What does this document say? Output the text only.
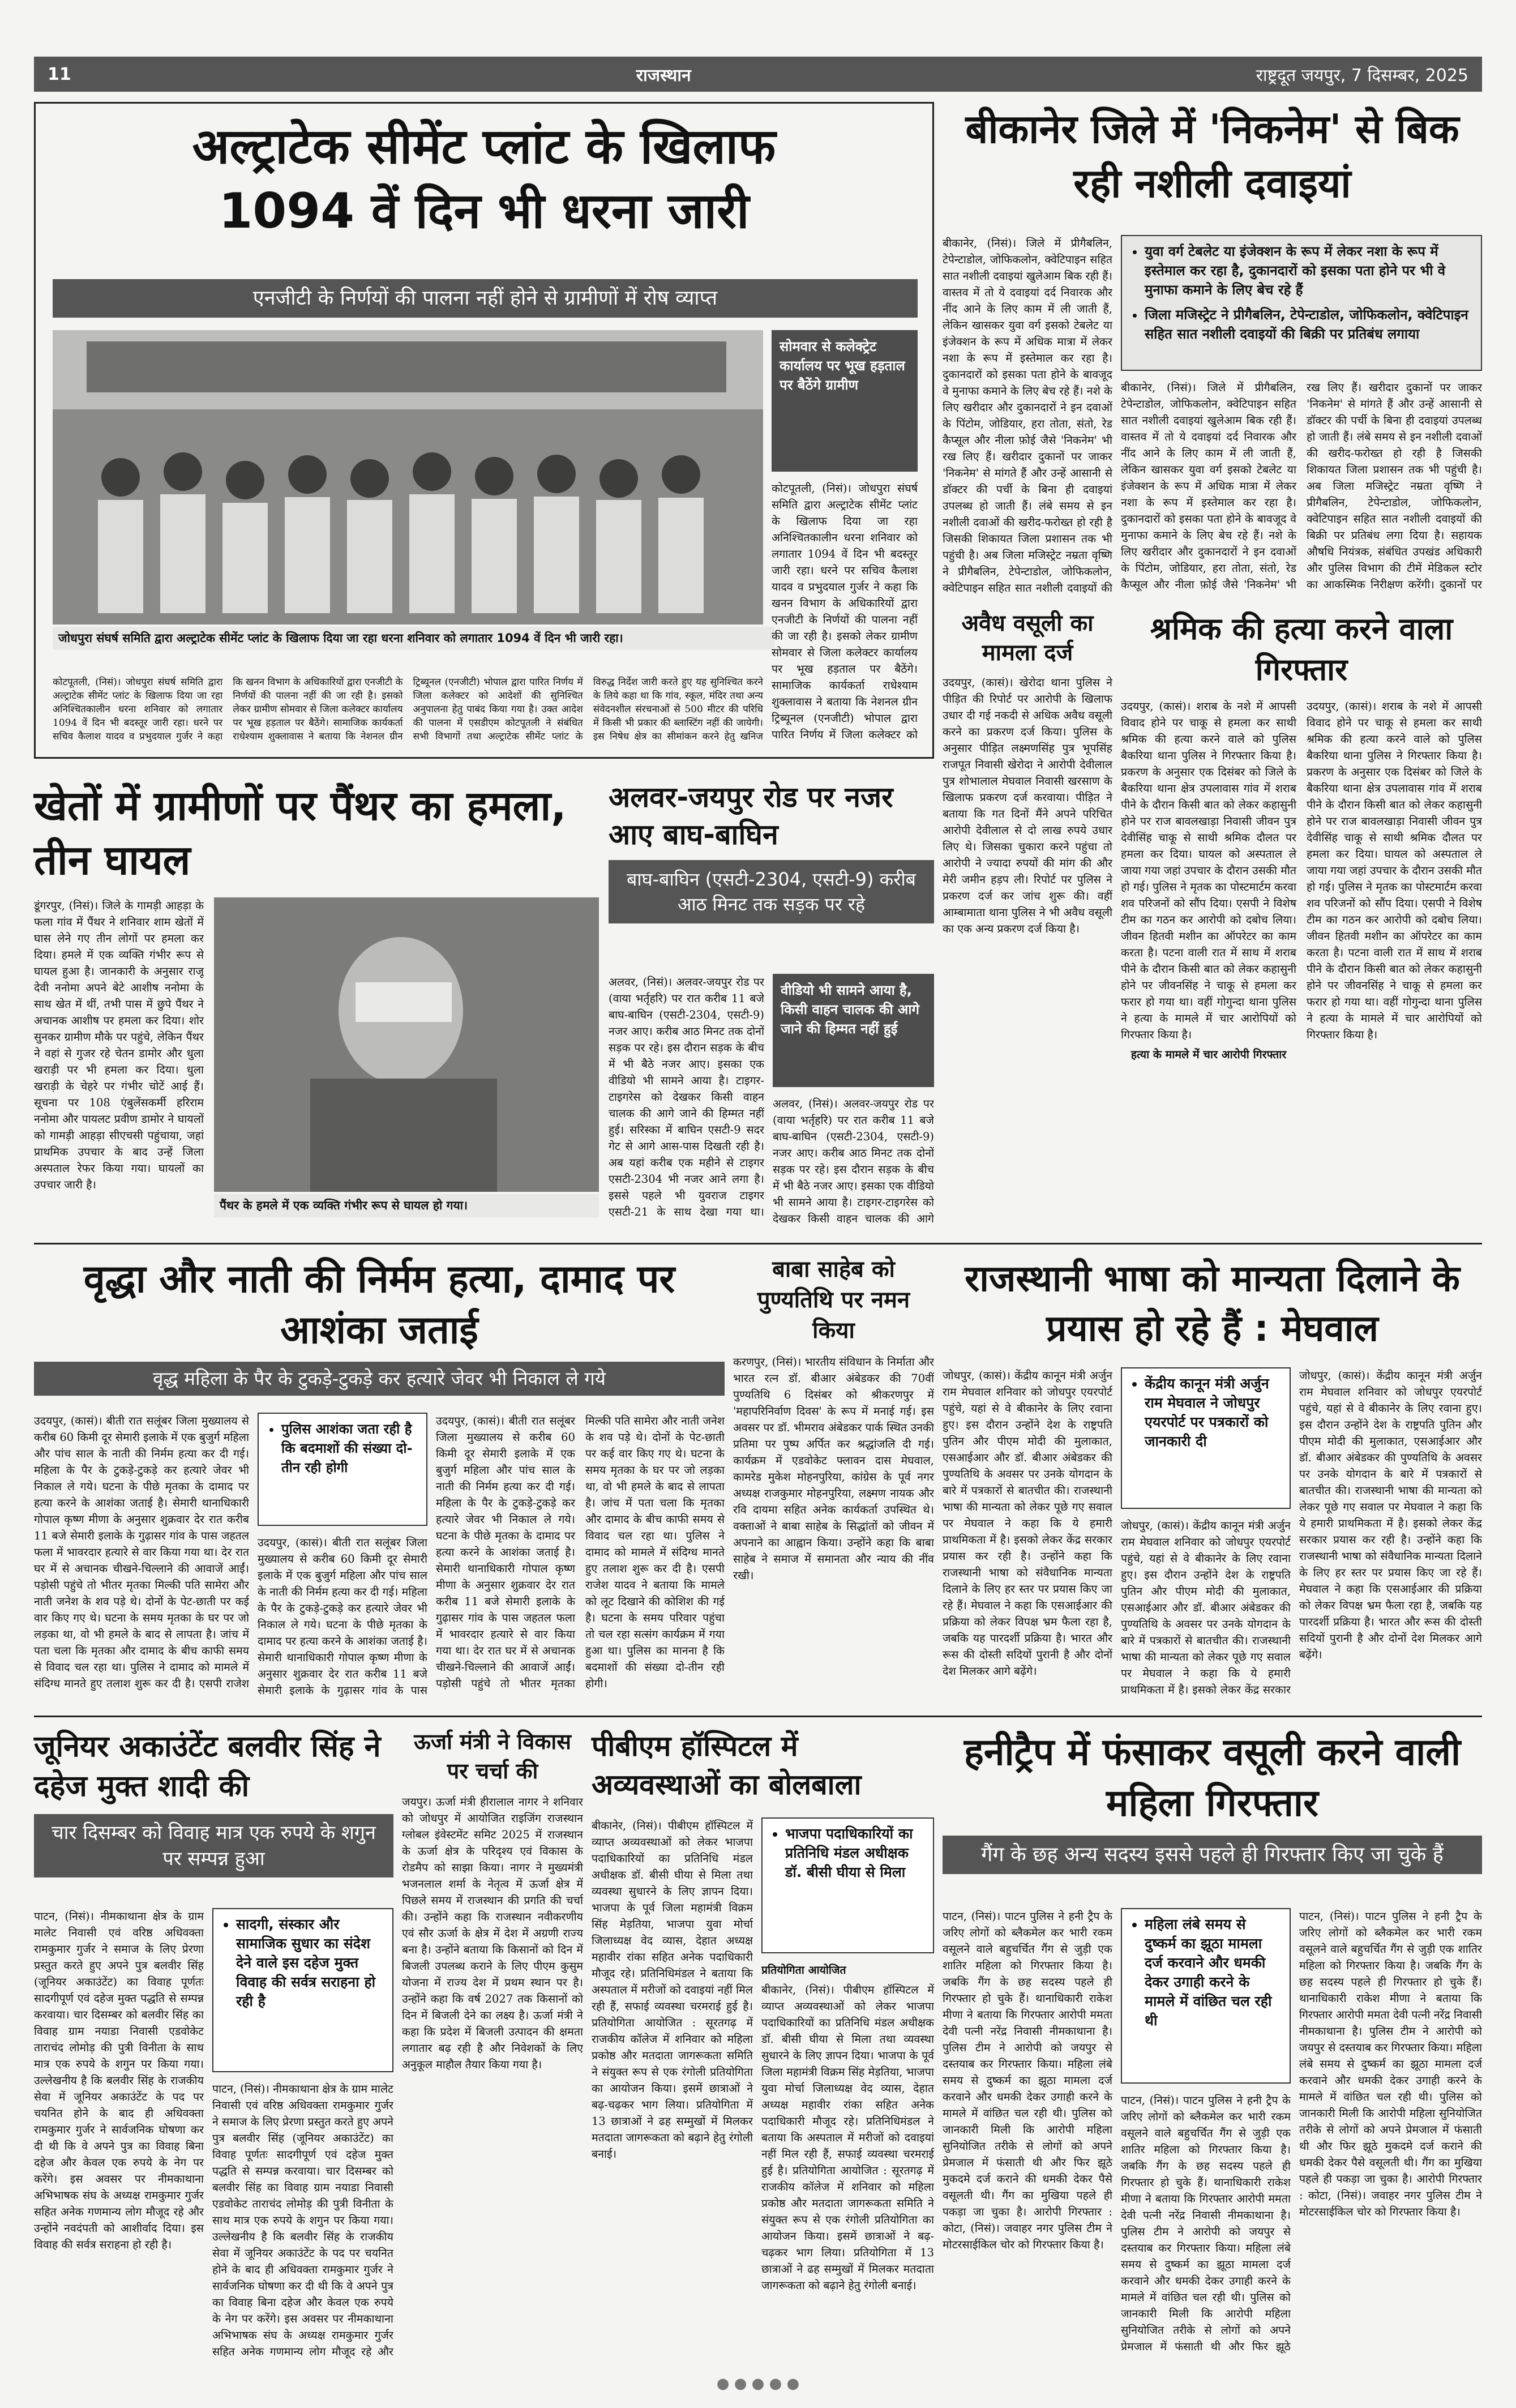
11	राजस्थान	राष्ट्रदूत जयपुर, 7 दिसम्बर, 2025
अल्ट्राटेक सीमेंट प्लांट के खिलाफ
1094 वें दिन भी धरना जारी
एनजीटी के निर्णयों की पालना नहीं होने से ग्रामीणों में रोष व्याप्त
जोधपुरा संघर्ष समिति द्वारा अल्ट्राटेक सीमेंट प्लांट के खिलाफ दिया जा रहा धरना शनिवार को लगातार 1094 वें दिन भी जारी रहा।
सोमवार से कलेक्ट्रेट कार्यालय पर भूख हड़ताल पर बैठेंगे ग्रामीण

कोटपूतली, (निसं)। जोधपुरा संघर्ष समिति द्वारा अल्ट्राटेक सीमेंट प्लांट के खिलाफ दिया जा रहा अनिश्चितकालीन धरना शनिवार को लगातार 1094 वें दिन भी बदस्तूर जारी रहा। धरने पर सचिव कैलाश यादव व प्रभुदयाल गुर्जर ने कहा कि खनन विभाग के अधिकारियों द्वारा एनजीटी के निर्णयों की पालना नहीं की जा रही है। इसको लेकर ग्रामीण सोमवार से जिला कलेक्टर कार्यालय पर भूख हड़ताल पर बैठेंगे। सामाजिक कार्यकर्ता राधेश्याम शुक्लावास ने बताया कि नेशनल ग्रीन ट्रिब्यूनल (एनजीटी) भोपाल द्वारा पारित निर्णय में जिला कलेक्टर को

कोटपूतली, (निसं)। जोधपुरा संघर्ष समिति द्वारा अल्ट्राटेक सीमेंट प्लांट के खिलाफ दिया जा रहा अनिश्चितकालीन धरना शनिवार को लगातार 1094 वें दिन भी बदस्तूर जारी रहा। धरने पर सचिव कैलाश यादव व प्रभुदयाल गुर्जर ने कहा कि खनन विभाग के अधिकारियों द्वारा एनजीटी के निर्णयों की पालना नहीं की जा रही है। इसको लेकर ग्रामीण सोमवार से जिला कलेक्टर कार्यालय पर भूख हड़ताल पर बैठेंगे। सामाजिक कार्यकर्ता राधेश्याम शुक्लावास ने बताया कि नेशनल ग्रीन ट्रिब्यूनल (एनजीटी) भोपाल द्वारा पारित निर्णय में जिला कलेक्टर को आदेशों की सुनिश्चित अनुपालना हेतु पाबंद किया गया है। उक्त आदेश की पालना में एसडीएम कोटपूतली ने संबंधित सभी विभागों तथा अल्ट्राटेक सीमेंट प्लांट के विरुद्ध निर्देश जारी करते हुए यह सुनिश्चित करने के लिये कहा था कि गांव, स्कूल, मंदिर तथा अन्य संवेदनशील संरचनाओं से 500 मीटर की परिधि में किसी भी प्रकार की ब्लास्टिंग नहीं की जायेगी। इस निषेध क्षेत्र का सीमांकन करने हेतु खनिज

बीकानेर जिले में 'निकनेम' से बिक रही नशीली दवाइयां

बीकानेर, (निसं)। जिले में प्रीगैबलिन, टेपेन्टाडोल, जोफिकलोन, क्वेटिपाइन सहित सात नशीली दवाइयां खुलेआम बिक रही हैं। वास्तव में तो ये दवाइयां दर्द निवारक और नींद आने के लिए काम में ली जाती हैं, लेकिन खासकर युवा वर्ग इसको टेबलेट या इंजेक्शन के रूप में अधिक मात्रा में लेकर नशा के रूप में इस्तेमाल कर रहा है। दुकानदारों को इसका पता होने के बावजूद वे मुनाफा कमाने के लिए बेच रहे हैं। नशे के लिए खरीदार और दुकानदारों ने इन दवाओं के पिंटोम, जोडियार, हरा तोता, संतो, रेड कैप्सूल और नीला फ़ोई जैसे 'निकनेम' भी रख लिए हैं। खरीदार दुकानों पर जाकर 'निकनेम' से मांगते हैं और उन्हें आसानी से डॉक्टर की पर्ची के बिना ही दवाइयां उपलब्ध हो जाती हैं। लंबे समय से इन नशीली दवाओं की खरीद-फरोख्त हो रही है जिसकी शिकायत जिला प्रशासन तक भी पहुंची है। अब जिला मजिस्ट्रेट नम्रता वृष्णि ने प्रीगैबलिन, टेपेन्टाडोल, जोफिकलोन, क्वेटिपाइन सहित सात नशीली दवाइयों की

• युवा वर्ग टेबलेट या इंजेक्शन के रूप में लेकर नशा के रूप में इस्तेमाल कर रहा है, दुकानदारों को इसका पता होने पर भी वे मुनाफा कमाने के लिए बेच रहे हैं
• जिला मजिस्ट्रेट ने प्रीगैबलिन, टेपेन्टाडोल, जोफिकलोन, क्वेटिपाइन सहित सात नशीली दवाइयों की बिक्री पर प्रतिबंध लगाया

बीकानेर, (निसं)। जिले में प्रीगैबलिन, टेपेन्टाडोल, जोफिकलोन, क्वेटिपाइन सहित सात नशीली दवाइयां खुलेआम बिक रही हैं। वास्तव में तो ये दवाइयां दर्द निवारक और नींद आने के लिए काम में ली जाती हैं, लेकिन खासकर युवा वर्ग इसको टेबलेट या इंजेक्शन के रूप में अधिक मात्रा में लेकर नशा के रूप में इस्तेमाल कर रहा है। दुकानदारों को इसका पता होने के बावजूद वे मुनाफा कमाने के लिए बेच रहे हैं। नशे के लिए खरीदार और दुकानदारों ने इन दवाओं के पिंटोम, जोडियार, हरा तोता, संतो, रेड कैप्सूल और नीला फ़ोई जैसे 'निकनेम' भी रख लिए हैं। खरीदार दुकानों पर जाकर 'निकनेम' से मांगते हैं और उन्हें आसानी से डॉक्टर की पर्ची के बिना ही दवाइयां उपलब्ध हो जाती हैं। लंबे समय से इन नशीली दवाओं की खरीद-फरोख्त हो रही है जिसकी शिकायत जिला प्रशासन तक भी पहुंची है। अब जिला मजिस्ट्रेट नम्रता वृष्णि ने प्रीगैबलिन, टेपेन्टाडोल, जोफिकलोन, क्वेटिपाइन सहित सात नशीली दवाइयों की बिक्री पर प्रतिबंध लगा दिया है। सहायक औषधि नियंत्रक, संबंधित उपखंड अधिकारी और पुलिस विभाग की टीमें मेडिकल स्टोर का आकस्मिक निरीक्षण करेंगी। दुकानों पर

अवैध वसूली का मामला दर्ज

उदयपुर, (कासं)। खेरोदा थाना पुलिस ने पीड़ित की रिपोर्ट पर आरोपी के खिलाफ उधार दी गई नकदी से अधिक अवैध वसूली करने का प्रकरण दर्ज किया। पुलिस के अनुसार पीड़ित लक्ष्मणसिंह पुत्र भूपसिंह राजपूत निवासी खेरोदा ने आरोपी देवीलाल पुत्र शोभालाल मेघवाल निवासी खरसाण के खिलाफ प्रकरण दर्ज करवाया। पीड़ित ने बताया कि गत दिनों मैंने अपने परिचित आरोपी देवीलाल से दो लाख रुपये उधार लिए थे। जिसका चुकारा करने पहुंचा तो आरोपी ने ज्यादा रुपयों की मांग की और मेरी जमीन हड़प ली। रिपोर्ट पर पुलिस ने प्रकरण दर्ज कर जांच शुरू की। वहीं आम्बामाता थाना पुलिस ने भी अवैध वसूली का एक अन्य प्रकरण दर्ज किया है।

श्रमिक की हत्या करने वाला गिरफ्तार

उदयपुर, (कासं)। शराब के नशे में आपसी विवाद होने पर चाकू से हमला कर साथी श्रमिक की हत्या करने वाले को पुलिस बैकरिया थाना पुलिस ने गिरफ्तार किया है। प्रकरण के अनुसार एक दिसंबर को जिले के बैकरिया थाना क्षेत्र उपलावास गांव में शराब पीने के दौरान किसी बात को लेकर कहासुनी होने पर राज बावलखाड़ा निवासी जीवन पुत्र देवीसिंह चाकू से साथी श्रमिक दौलत पर हमला कर दिया। घायल को अस्पताल ले जाया गया जहां उपचार के दौरान उसकी मौत हो गई। पुलिस ने मृतक का पोस्टमार्टम करवा शव परिजनों को सौंप दिया। एसपी ने विशेष टीम का गठन कर आरोपी को दबोच लिया। जीवन हितवी मशीन का ऑपरेटर का काम करता है। पटना वाली रात में साथ में शराब पीने के दौरान किसी बात को लेकर कहासुनी होने पर जीवनसिंह ने चाकू से हमला कर फरार हो गया था। वहीं गोगुन्दा थाना पुलिस ने हत्या के मामले में चार आरोपियों को गिरफ्तार किया है।

हत्या के मामले में चार आरोपी गिरफ्तार

उदयपुर, (कासं)। शराब के नशे में आपसी विवाद होने पर चाकू से हमला कर साथी श्रमिक की हत्या करने वाले को पुलिस बैकरिया थाना पुलिस ने गिरफ्तार किया है। प्रकरण के अनुसार एक दिसंबर को जिले के बैकरिया थाना क्षेत्र उपलावास गांव में शराब पीने के दौरान किसी बात को लेकर कहासुनी होने पर राज बावलखाड़ा निवासी जीवन पुत्र देवीसिंह चाकू से साथी श्रमिक दौलत पर हमला कर दिया। घायल को अस्पताल ले जाया गया जहां उपचार के दौरान उसकी मौत हो गई। पुलिस ने मृतक का पोस्टमार्टम करवा शव परिजनों को सौंप दिया। एसपी ने विशेष टीम का गठन कर आरोपी को दबोच लिया। जीवन हितवी मशीन का ऑपरेटर का काम करता है। पटना वाली रात में साथ में शराब पीने के दौरान किसी बात को लेकर कहासुनी होने पर जीवनसिंह ने चाकू से हमला कर फरार हो गया था। वहीं गोगुन्दा थाना पुलिस ने हत्या के मामले में चार आरोपियों को गिरफ्तार किया है।

खेतों में ग्रामीणों पर पैंथर का हमला, तीन घायल

डूंगरपुर, (निसं)। जिले के गामड़ी आहड़ा के फला गांव में पैंथर ने शनिवार शाम खेतों में घास लेने गए तीन लोगों पर हमला कर दिया। हमले में एक व्यक्ति गंभीर रूप से घायल हुआ है। जानकारी के अनुसार राजू देवी ननोमा अपने बेटे आशीष ननोमा के साथ खेत में थीं, तभी पास में छुपे पैंथर ने अचानक आशीष पर हमला कर दिया। शोर सुनकर ग्रामीण मौके पर पहुंचे, लेकिन पैंथर ने वहां से गुजर रहे चेतन डामोर और धुला खराड़ी पर भी हमला कर दिया। धुला खराड़ी के चेहरे पर गंभीर चोटें आई हैं। सूचना पर 108 एंबुलेंसकर्मी हरिराम ननोमा और पायलट प्रवीण डामोर ने घायलों को गामड़ी आहड़ा सीएचसी पहुंचाया, जहां प्राथमिक उपचार के बाद उन्हें जिला अस्पताल रेफर किया गया। घायलों का उपचार जारी है।

पैंथर के हमले में एक व्यक्ति गंभीर रूप से घायल हो गया।
अलवर-जयपुर रोड पर नजर आए बाघ-बाघिन
बाघ-बाघिन (एसटी-2304, एसटी-9) करीब आठ मिनट तक सड़क पर रहे

अलवर, (निसं)। अलवर-जयपुर रोड पर (वाया भर्तृहरि) पर रात करीब 11 बजे बाघ-बाघिन (एसटी-2304, एसटी-9) नजर आए। करीब आठ मिनट तक दोनों सड़क पर रहे। इस दौरान सड़क के बीच में भी बैठे नजर आए। इसका एक वीडियो भी सामने आया है। टाइगर-टाइगरेस को देखकर किसी वाहन चालक की आगे जाने की हिम्मत नहीं हुई। सरिस्का में बाघिन एसटी-9 सदर गेट से आगे आस-पास दिखती रही है। अब यहां करीब एक महीने से टाइगर एसटी-2304 भी नजर आने लगा है। इससे पहले भी युवराज टाइगर एसटी-21 के साथ देखा गया था।

वीडियो भी सामने आया है, किसी वाहन चालक की आगे जाने की हिम्मत नहीं हुई

अलवर, (निसं)। अलवर-जयपुर रोड पर (वाया भर्तृहरि) पर रात करीब 11 बजे बाघ-बाघिन (एसटी-2304, एसटी-9) नजर आए। करीब आठ मिनट तक दोनों सड़क पर रहे। इस दौरान सड़क के बीच में भी बैठे नजर आए। इसका एक वीडियो भी सामने आया है। टाइगर-टाइगरेस को देखकर किसी वाहन चालक की आगे

वृद्धा और नाती की निर्मम हत्या, दामाद पर आशंका जताई
वृद्ध महिला के पैर के टुकड़े-टुकड़े कर हत्यारे जेवर भी निकाल ले गये

उदयपुर, (कासं)। बीती रात सलूंबर जिला मुख्यालय से करीब 60 किमी दूर सेमारी इलाके में एक बुजुर्ग महिला और पांच साल के नाती की निर्मम हत्या कर दी गई। महिला के पैर के टुकड़े-टुकड़े कर हत्यारे जेवर भी निकाल ले गये। घटना के पीछे मृतका के दामाद पर हत्या करने के आशंका जताई है। सेमारी थानाधिकारी गोपाल कृष्ण मीणा के अनुसार शुक्रवार देर रात करीब 11 बजे सेमारी इलाके के गुढ़ासर गांव के पास जहतल फला में भावरदार हत्यारे से वार किया गया था। देर रात घर में से अचानक चीखने-चिल्लाने की आवाजें आईं। पड़ोसी पहुंचे तो भीतर मृतका मिल्की पति सामेरा और नाती जनेश के शव पड़े थे। दोनों के पेट-छाती पर कई वार किए गए थे। घटना के समय मृतका के घर पर जो लड़का था, वो भी हमले के बाद से लापता है। जांच में पता चला कि मृतका और दामाद के बीच काफी समय से विवाद चल रहा था। पुलिस ने दामाद को मामले में संदिग्ध मानते हुए तलाश शुरू कर दी है। एसपी राजेश

• पुलिस आशंका जता रही है कि बदमाशों की संख्या दो-तीन रही होगी

उदयपुर, (कासं)। बीती रात सलूंबर जिला मुख्यालय से करीब 60 किमी दूर सेमारी इलाके में एक बुजुर्ग महिला और पांच साल के नाती की निर्मम हत्या कर दी गई। महिला के पैर के टुकड़े-टुकड़े कर हत्यारे जेवर भी निकाल ले गये। घटना के पीछे मृतका के दामाद पर हत्या करने के आशंका जताई है। सेमारी थानाधिकारी गोपाल कृष्ण मीणा के अनुसार शुक्रवार देर रात करीब 11 बजे सेमारी इलाके के गुढ़ासर गांव के पास

उदयपुर, (कासं)। बीती रात सलूंबर जिला मुख्यालय से करीब 60 किमी दूर सेमारी इलाके में एक बुजुर्ग महिला और पांच साल के नाती की निर्मम हत्या कर दी गई। महिला के पैर के टुकड़े-टुकड़े कर हत्यारे जेवर भी निकाल ले गये। घटना के पीछे मृतका के दामाद पर हत्या करने के आशंका जताई है। सेमारी थानाधिकारी गोपाल कृष्ण मीणा के अनुसार शुक्रवार देर रात करीब 11 बजे सेमारी इलाके के गुढ़ासर गांव के पास जहतल फला में भावरदार हत्यारे से वार किया गया था। देर रात घर में से अचानक चीखने-चिल्लाने की आवाजें आईं। पड़ोसी पहुंचे तो भीतर मृतका मिल्की पति सामेरा और नाती जनेश के शव पड़े थे। दोनों के पेट-छाती पर कई वार किए गए थे। घटना के समय मृतका के घर पर जो लड़का था, वो भी हमले के बाद से लापता है। जांच में पता चला कि मृतका और दामाद के बीच काफी समय से विवाद चल रहा था। पुलिस ने दामाद को मामले में संदिग्ध मानते हुए तलाश शुरू कर दी है। एसपी राजेश यादव ने बताया कि मामले को लूट दिखाने की कोशिश की गई है। घटना के समय परिवार पहुंचा तो चल रहा सत्संग कार्यक्रम में गया हुआ था। पुलिस का मानना है कि बदमाशों की संख्या दो-तीन रही होगी।

बाबा साहेब को पुण्यतिथि पर नमन किया

करणपुर, (निसं)। भारतीय संविधान के निर्माता और भारत रत्न डॉ. बीआर अंबेडकर की 70वीं पुण्यतिथि 6 दिसंबर को श्रीकरणपुर में 'महापरिनिर्वाण दिवस' के रूप में मनाई गई। इस अवसर पर डॉ. भीमराव अंबेडकर पार्क स्थित उनकी प्रतिमा पर पुष्प अर्पित कर श्रद्धांजलि दी गई। कार्यक्रम में एडवोकेट फ्लावन दास मेघवाल, कामरेड मुकेश मोहनपुरिया, कांग्रेस के पूर्व नगर अध्यक्ष राजकुमार मोहनपुरिया, लक्ष्मण नायक और रवि दायमा सहित अनेक कार्यकर्ता उपस्थित थे। वक्ताओं ने बाबा साहेब के सिद्धांतों को जीवन में अपनाने का आह्वान किया। उन्होंने कहा कि बाबा साहेब ने समाज में समानता और न्याय की नींव रखी।

राजस्थानी भाषा को मान्यता दिलाने के प्रयास हो रहे हैं : मेघवाल

जोधपुर, (कासं)। केंद्रीय कानून मंत्री अर्जुन राम मेघवाल शनिवार को जोधपुर एयरपोर्ट पहुंचे, यहां से वे बीकानेर के लिए रवाना हुए। इस दौरान उन्होंने देश के राष्ट्रपति पुतिन और पीएम मोदी की मुलाकात, एसआईआर और डॉ. बीआर अंबेडकर की पुण्यतिथि के अवसर पर उनके योगदान के बारे में पत्रकारों से बातचीत की। राजस्थानी भाषा की मान्यता को लेकर पूछे गए सवाल पर मेघवाल ने कहा कि ये हमारी प्राथमिकता में है। इसको लेकर केंद्र सरकार प्रयास कर रही है। उन्होंने कहा कि राजस्थानी भाषा को संवैधानिक मान्यता दिलाने के लिए हर स्तर पर प्रयास किए जा रहे हैं। मेघवाल ने कहा कि एसआईआर की प्रक्रिया को लेकर विपक्ष भ्रम फैला रहा है, जबकि यह पारदर्शी प्रक्रिया है। भारत और रूस की दोस्ती सदियों पुरानी है और दोनों देश मिलकर आगे बढ़ेंगे।

• केंद्रीय कानून मंत्री अर्जुन राम मेघवाल ने जोधपुर एयरपोर्ट पर पत्रकारों को जानकारी दी

जोधपुर, (कासं)। केंद्रीय कानून मंत्री अर्जुन राम मेघवाल शनिवार को जोधपुर एयरपोर्ट पहुंचे, यहां से वे बीकानेर के लिए रवाना हुए। इस दौरान उन्होंने देश के राष्ट्रपति पुतिन और पीएम मोदी की मुलाकात, एसआईआर और डॉ. बीआर अंबेडकर की पुण्यतिथि के अवसर पर उनके योगदान के बारे में पत्रकारों से बातचीत की। राजस्थानी भाषा की मान्यता को लेकर पूछे गए सवाल पर मेघवाल ने कहा कि ये हमारी प्राथमिकता में है। इसको लेकर केंद्र सरकार

जोधपुर, (कासं)। केंद्रीय कानून मंत्री अर्जुन राम मेघवाल शनिवार को जोधपुर एयरपोर्ट पहुंचे, यहां से वे बीकानेर के लिए रवाना हुए। इस दौरान उन्होंने देश के राष्ट्रपति पुतिन और पीएम मोदी की मुलाकात, एसआईआर और डॉ. बीआर अंबेडकर की पुण्यतिथि के अवसर पर उनके योगदान के बारे में पत्रकारों से बातचीत की। राजस्थानी भाषा की मान्यता को लेकर पूछे गए सवाल पर मेघवाल ने कहा कि ये हमारी प्राथमिकता में है। इसको लेकर केंद्र सरकार प्रयास कर रही है। उन्होंने कहा कि राजस्थानी भाषा को संवैधानिक मान्यता दिलाने के लिए हर स्तर पर प्रयास किए जा रहे हैं। मेघवाल ने कहा कि एसआईआर की प्रक्रिया को लेकर विपक्ष भ्रम फैला रहा है, जबकि यह पारदर्शी प्रक्रिया है। भारत और रूस की दोस्ती सदियों पुरानी है और दोनों देश मिलकर आगे बढ़ेंगे।

जूनियर अकाउंटेंट बलवीर सिंह ने दहेज मुक्त शादी की
चार दिसम्बर को विवाह मात्र एक रुपये के शगुन पर सम्पन्न हुआ

पाटन, (निसं)। नीमकाथाना क्षेत्र के ग्राम मालेट निवासी एवं वरिष्ठ अधिवक्ता रामकुमार गुर्जर ने समाज के लिए प्रेरणा प्रस्तुत करते हुए अपने पुत्र बलवीर सिंह (जूनियर अकाउंटेंट) का विवाह पूर्णतः सादगीपूर्ण एवं दहेज मुक्त पद्धति से सम्पन्न करवाया। चार दिसम्बर को बलवीर सिंह का विवाह ग्राम नयाडा निवासी एडवोकेट ताराचंद लोमोड़ की पुत्री विनीता के साथ मात्र एक रुपये के शगुन पर किया गया। उल्लेखनीय है कि बलवीर सिंह के राजकीय सेवा में जूनियर अकाउंटेंट के पद पर चयनित होने के बाद ही अधिवक्ता रामकुमार गुर्जर ने सार्वजनिक घोषणा कर दी थी कि वे अपने पुत्र का विवाह बिना दहेज और केवल एक रुपये के नेग पर करेंगे। इस अवसर पर नीमकाथाना अभिभाषक संघ के अध्यक्ष रामकुमार गुर्जर सहित अनेक गणमान्य लोग मौजूद रहे और उन्होंने नवदंपती को आशीर्वाद दिया। इस विवाह की सर्वत्र सराहना हो रही है।

• सादगी, संस्कार और सामाजिक सुधार का संदेश देने वाले इस दहेज मुक्त विवाह की सर्वत्र सराहना हो रही है

पाटन, (निसं)। नीमकाथाना क्षेत्र के ग्राम मालेट निवासी एवं वरिष्ठ अधिवक्ता रामकुमार गुर्जर ने समाज के लिए प्रेरणा प्रस्तुत करते हुए अपने पुत्र बलवीर सिंह (जूनियर अकाउंटेंट) का विवाह पूर्णतः सादगीपूर्ण एवं दहेज मुक्त पद्धति से सम्पन्न करवाया। चार दिसम्बर को बलवीर सिंह का विवाह ग्राम नयाडा निवासी एडवोकेट ताराचंद लोमोड़ की पुत्री विनीता के साथ मात्र एक रुपये के शगुन पर किया गया। उल्लेखनीय है कि बलवीर सिंह के राजकीय सेवा में जूनियर अकाउंटेंट के पद पर चयनित होने के बाद ही अधिवक्ता रामकुमार गुर्जर ने सार्वजनिक घोषणा कर दी थी कि वे अपने पुत्र का विवाह बिना दहेज और केवल एक रुपये के नेग पर करेंगे। इस अवसर पर नीमकाथाना अभिभाषक संघ के अध्यक्ष रामकुमार गुर्जर सहित अनेक गणमान्य लोग मौजूद रहे और

ऊर्जा मंत्री ने विकास पर चर्चा की

जयपुर। ऊर्जा मंत्री हीरालाल नागर ने शनिवार को जोधपुर में आयोजित राइजिंग राजस्थान ग्लोबल इंवेस्टमेंट समिट 2025 में राजस्थान के ऊर्जा क्षेत्र के परिदृश्य एवं विकास के रोडमैप को साझा किया। नागर ने मुख्यमंत्री भजनलाल शर्मा के नेतृत्व में ऊर्जा क्षेत्र में पिछले समय में राजस्थान की प्रगति की चर्चा की। उन्होंने कहा कि राजस्थान नवीकरणीय एवं सौर ऊर्जा के क्षेत्र में देश में अग्रणी राज्य बना है। उन्होंने बताया कि किसानों को दिन में बिजली उपलब्ध कराने के लिए पीएम कुसुम योजना में राज्य देश में प्रथम स्थान पर है। उन्होंने कहा कि वर्ष 2027 तक किसानों को दिन में बिजली देने का लक्ष्य है। ऊर्जा मंत्री ने कहा कि प्रदेश में बिजली उत्पादन की क्षमता लगातार बढ़ रही है और निवेशकों के लिए अनुकूल माहौल तैयार किया गया है।

पीबीएम हॉस्पिटल में अव्यवस्थाओं का बोलबाला

बीकानेर, (निसं)। पीबीएम हॉस्पिटल में व्याप्त अव्यवस्थाओं को लेकर भाजपा पदाधिकारियों का प्रतिनिधि मंडल अधीक्षक डॉ. बीसी घीया से मिला तथा व्यवस्था सुधारने के लिए ज्ञापन दिया। भाजपा के पूर्व जिला महामंत्री विक्रम सिंह मेड़तिया, भाजपा युवा मोर्चा जिलाध्यक्ष वेद व्यास, देहात अध्यक्ष महावीर रांका सहित अनेक पदाधिकारी मौजूद रहे। प्रतिनिधिमंडल ने बताया कि अस्पताल में मरीजों को दवाइयां नहीं मिल रही हैं, सफाई व्यवस्था चरमराई हुई है। प्रतियोगिता आयोजित : सूरतगढ़ में राजकीय कॉलेज में शनिवार को महिला प्रकोष्ठ और मतदाता जागरूकता समिति ने संयुक्त रूप से एक रंगोली प्रतियोगिता का आयोजन किया। इसमें छात्राओं ने बढ़-चढ़कर भाग लिया। प्रतियोगिता में 13 छात्राओं ने ढह सम्मुखों में मिलकर मतदाता जागरूकता को बढ़ाने हेतु रंगोली बनाई।

• भाजपा पदाधिकारियों का प्रतिनिधि मंडल अधीक्षक डॉ. बीसी घीया से मिला

प्रतियोगिता आयोजित

बीकानेर, (निसं)। पीबीएम हॉस्पिटल में व्याप्त अव्यवस्थाओं को लेकर भाजपा पदाधिकारियों का प्रतिनिधि मंडल अधीक्षक डॉ. बीसी घीया से मिला तथा व्यवस्था सुधारने के लिए ज्ञापन दिया। भाजपा के पूर्व जिला महामंत्री विक्रम सिंह मेड़तिया, भाजपा युवा मोर्चा जिलाध्यक्ष वेद व्यास, देहात अध्यक्ष महावीर रांका सहित अनेक पदाधिकारी मौजूद रहे। प्रतिनिधिमंडल ने बताया कि अस्पताल में मरीजों को दवाइयां नहीं मिल रही हैं, सफाई व्यवस्था चरमराई हुई है। प्रतियोगिता आयोजित : सूरतगढ़ में राजकीय कॉलेज में शनिवार को महिला प्रकोष्ठ और मतदाता जागरूकता समिति ने संयुक्त रूप से एक रंगोली प्रतियोगिता का आयोजन किया। इसमें छात्राओं ने बढ़-चढ़कर भाग लिया। प्रतियोगिता में 13 छात्राओं ने ढह सम्मुखों में मिलकर मतदाता जागरूकता को बढ़ाने हेतु रंगोली बनाई।

हनीट्रैप में फंसाकर वसूली करने वाली महिला गिरफ्तार
गैंग के छह अन्य सदस्य इससे पहले ही गिरफ्तार किए जा चुके हैं

पाटन, (निसं)। पाटन पुलिस ने हनी ट्रैप के जरिए लोगों को ब्लैकमेल कर भारी रकम वसूलने वाले बहुचर्चित गैंग से जुड़ी एक शातिर महिला को गिरफ्तार किया है। जबकि गैंग के छह सदस्य पहले ही गिरफ्तार हो चुके हैं। थानाधिकारी राकेश मीणा ने बताया कि गिरफ्तार आरोपी ममता देवी पत्नी नरेंद्र निवासी नीमकाथाना है। पुलिस टीम ने आरोपी को जयपुर से दस्तयाब कर गिरफ्तार किया। महिला लंबे समय से दुष्कर्म का झूठा मामला दर्ज करवाने और धमकी देकर उगाही करने के मामले में वांछित चल रही थी। पुलिस को जानकारी मिली कि आरोपी महिला सुनियोजित तरीके से लोगों को अपने प्रेमजाल में फंसाती थी और फिर झूठे मुकदमे दर्ज कराने की धमकी देकर पैसे वसूलती थी। गैंग का मुखिया पहले ही पकड़ा जा चुका है। आरोपी गिरफ्तार : कोटा, (निसं)। जवाहर नगर पुलिस टीम ने मोटरसाईकिल चोर को गिरफ्तार किया है।

• महिला लंबे समय से दुष्कर्म का झूठा मामला दर्ज करवाने और धमकी देकर उगाही करने के मामले में वांछित चल रही थी

पाटन, (निसं)। पाटन पुलिस ने हनी ट्रैप के जरिए लोगों को ब्लैकमेल कर भारी रकम वसूलने वाले बहुचर्चित गैंग से जुड़ी एक शातिर महिला को गिरफ्तार किया है। जबकि गैंग के छह सदस्य पहले ही गिरफ्तार हो चुके हैं। थानाधिकारी राकेश मीणा ने बताया कि गिरफ्तार आरोपी ममता देवी पत्नी नरेंद्र निवासी नीमकाथाना है। पुलिस टीम ने आरोपी को जयपुर से दस्तयाब कर गिरफ्तार किया। महिला लंबे समय से दुष्कर्म का झूठा मामला दर्ज करवाने और धमकी देकर उगाही करने के मामले में वांछित चल रही थी। पुलिस को जानकारी मिली कि आरोपी महिला सुनियोजित तरीके से लोगों को अपने प्रेमजाल में फंसाती थी और फिर झूठे

पाटन, (निसं)। पाटन पुलिस ने हनी ट्रैप के जरिए लोगों को ब्लैकमेल कर भारी रकम वसूलने वाले बहुचर्चित गैंग से जुड़ी एक शातिर महिला को गिरफ्तार किया है। जबकि गैंग के छह सदस्य पहले ही गिरफ्तार हो चुके हैं। थानाधिकारी राकेश मीणा ने बताया कि गिरफ्तार आरोपी ममता देवी पत्नी नरेंद्र निवासी नीमकाथाना है। पुलिस टीम ने आरोपी को जयपुर से दस्तयाब कर गिरफ्तार किया। महिला लंबे समय से दुष्कर्म का झूठा मामला दर्ज करवाने और धमकी देकर उगाही करने के मामले में वांछित चल रही थी। पुलिस को जानकारी मिली कि आरोपी महिला सुनियोजित तरीके से लोगों को अपने प्रेमजाल में फंसाती थी और फिर झूठे मुकदमे दर्ज कराने की धमकी देकर पैसे वसूलती थी। गैंग का मुखिया पहले ही पकड़ा जा चुका है। आरोपी गिरफ्तार : कोटा, (निसं)। जवाहर नगर पुलिस टीम ने मोटरसाईकिल चोर को गिरफ्तार किया है।

● ● ● ● ●
